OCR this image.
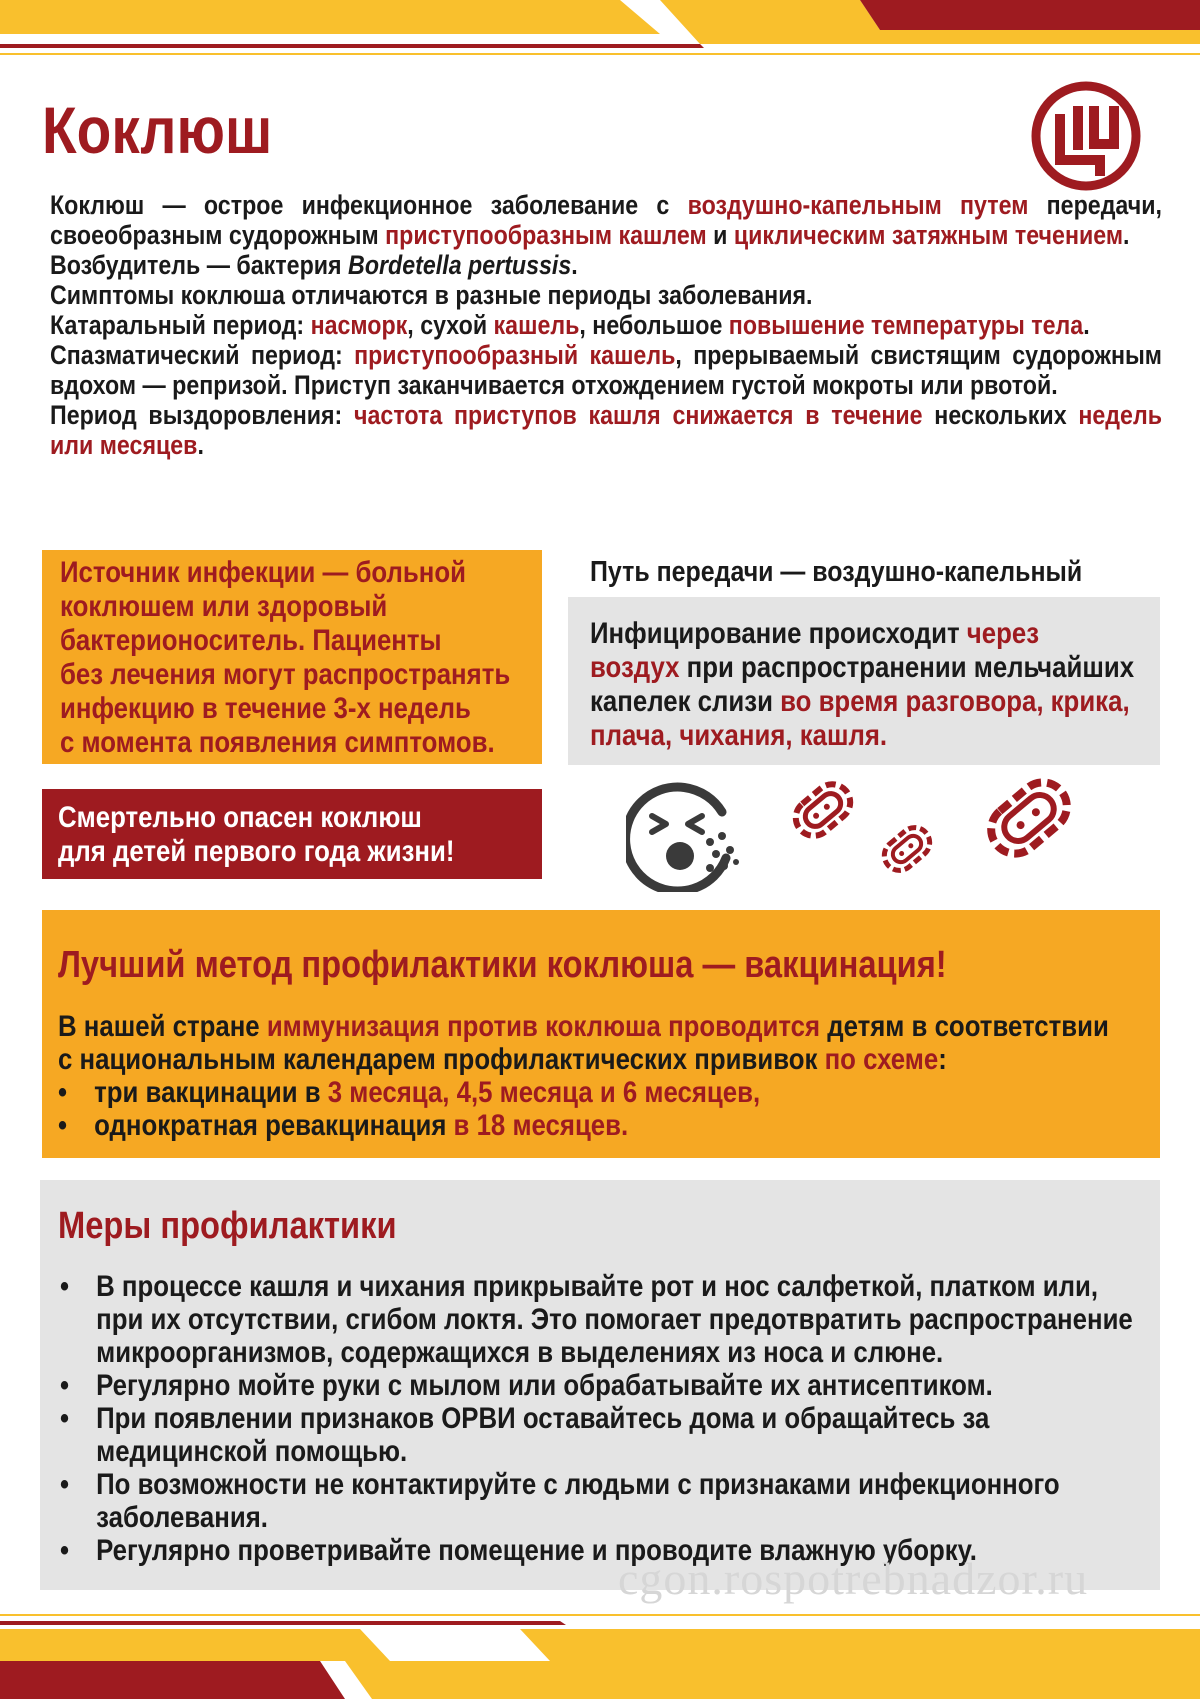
Коклюш

Коклюш — острое инфекционное заболевание с воздушно-капельным путем передачи, своеобразным судорожным приступообразным кашлем и циклическим затяжным течением.

Возбудитель — бактерия Bordetella pertussis.

Симптомы коклюша отличаются в разные периоды заболевания.

Катаральный период: насморк, сухой кашель, небольшое повышение температуры тела.

Спазматический период: приступообразный кашель, прерываемый свистящим судорожным вдохом — репризой. Приступ заканчивается отхождением густой мокроты или рвотой.

Период выздоровления: частота приступов кашля снижается в течение нескольких недель или месяцев.

Источник инфекции — больной
коклюшем или здоровый
бактерионоситель. Пациенты
без лечения могут распространять
инфекцию в течение 3-х недель
с момента появления симптомов.
Путь передачи — воздушно-капельный
Инфицирование происходит через
воздух при распространении мельчайших
капелек слизи во время разговора, крика,
плача, чихания, кашля.
Смертельно опасен коклюш
для детей первого года жизни!
Лучший метод профилактики коклюша — вакцинация!
В нашей стране иммунизация против коклюша проводится детям в соответствии
с национальным календарем профилактических прививок по схеме:
• три вакцинации в 3 месяца, 4,5 месяца и 6 месяцев,
• однократная ревакцинация в 18 месяцев.
Меры профилактики
• В процессе кашля и чихания прикрывайте рот и нос салфеткой, платком или,
при их отсутствии, сгибом локтя. Это помогает предотвратить распространение
микроорганизмов, содержащихся в выделениях из носа и слюне.
• Регулярно мойте руки с мылом или обрабатывайте их антисептиком.
• При появлении признаков ОРВИ оставайтесь дома и обращайтесь за
медицинской помощью.
• По возможности не контактируйте с людьми с признаками инфекционного
заболевания.
• Регулярно проветривайте помещение и проводите влажную уборку.
cgon.rospotrebnadzor.ru
